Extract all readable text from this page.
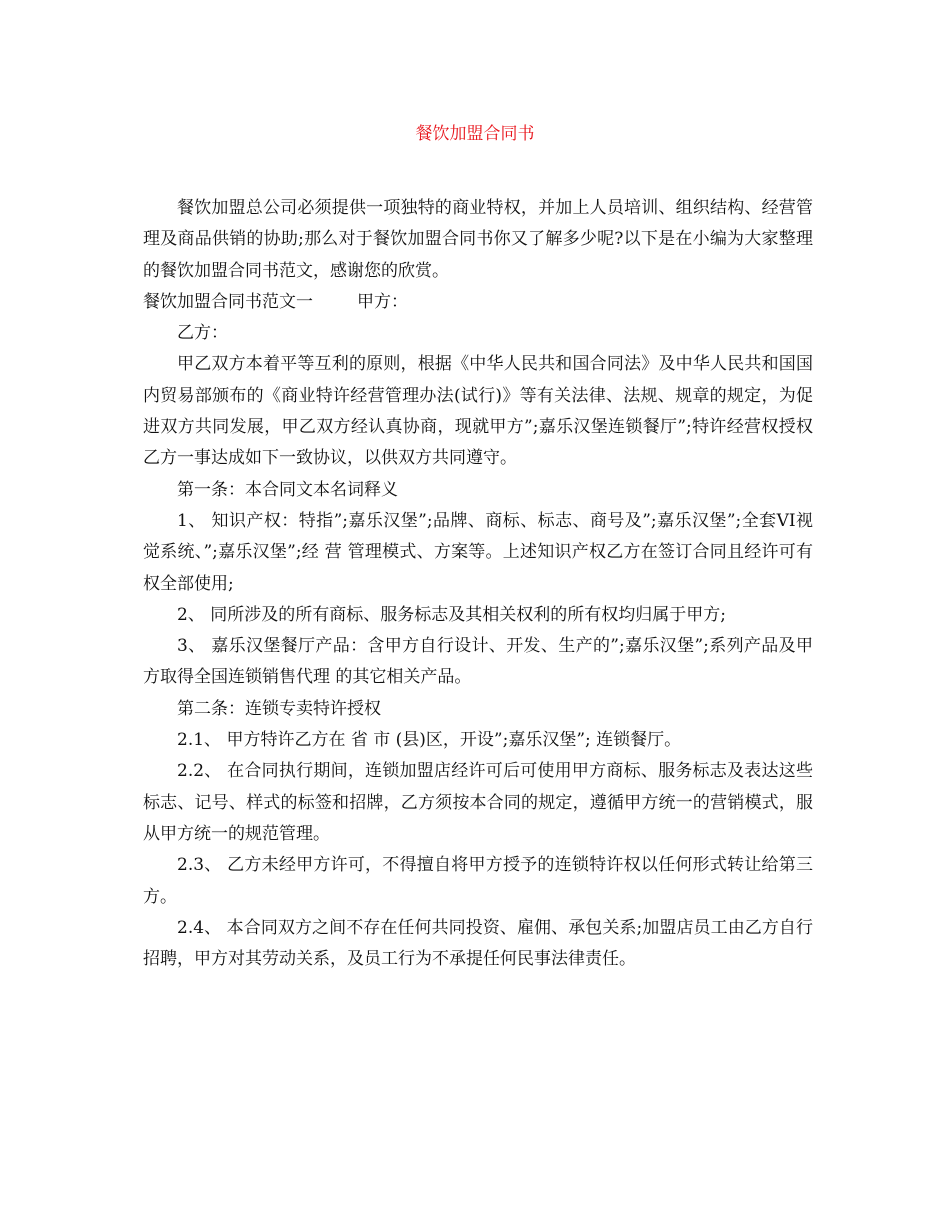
餐饮加盟合同书

餐饮加盟总公司必须提供一项独特的商业特权，并加上人员培训、组织结构、经营管理及商品供销的协助;那么对于餐饮加盟合同书你又了解多少呢?以下是在小编为大家整理的餐饮加盟合同书范文，感谢您的欣赏。

餐饮加盟合同书范文一	甲方：

乙方：

甲乙双方本着平等互利的原则，根据《中华人民共和国合同法》及中华人民共和国国内贸易部颁布的《商业特许经营管理办法(试行)》等有关法律、法规、规章的规定，为促进双方共同发展，甲乙双方经认真协商，现就甲方”;嘉乐汉堡连锁餐厅”;特许经营权授权乙方一事达成如下一致协议，以供双方共同遵守。

第一条：本合同文本名词释义

1、 知识产权：特指”;嘉乐汉堡”;品牌、商标、标志、商号及”;嘉乐汉堡”;全套VI视觉系统、”;嘉乐汉堡”;经 营 管理模式、方案等。上述知识产权乙方在签订合同且经许可有权全部使用;

2、 同所涉及的所有商标、服务标志及其相关权利的所有权均归属于甲方;

3、 嘉乐汉堡餐厅产品：含甲方自行设计、开发、生产的”;嘉乐汉堡”;系列产品及甲方取得全国连锁销售代理 的其它相关产品。

第二条：连锁专卖特许授权

2.1、 甲方特许乙方在 省 市 (县)区，开设”;嘉乐汉堡”; 连锁餐厅。

2.2、 在合同执行期间，连锁加盟店经许可后可使用甲方商标、服务标志及表达这些标志、记号、样式的标签和招牌，乙方须按本合同的规定，遵循甲方统一的营销模式，服从甲方统一的规范管理。

2.3、 乙方未经甲方许可，不得擅自将甲方授予的连锁特许权以任何形式转让给第三方。

2.4、 本合同双方之间不存在任何共同投资、雇佣、承包关系;加盟店员工由乙方自行招聘，甲方对其劳动关系，及员工行为不承提任何民事法律责任。
